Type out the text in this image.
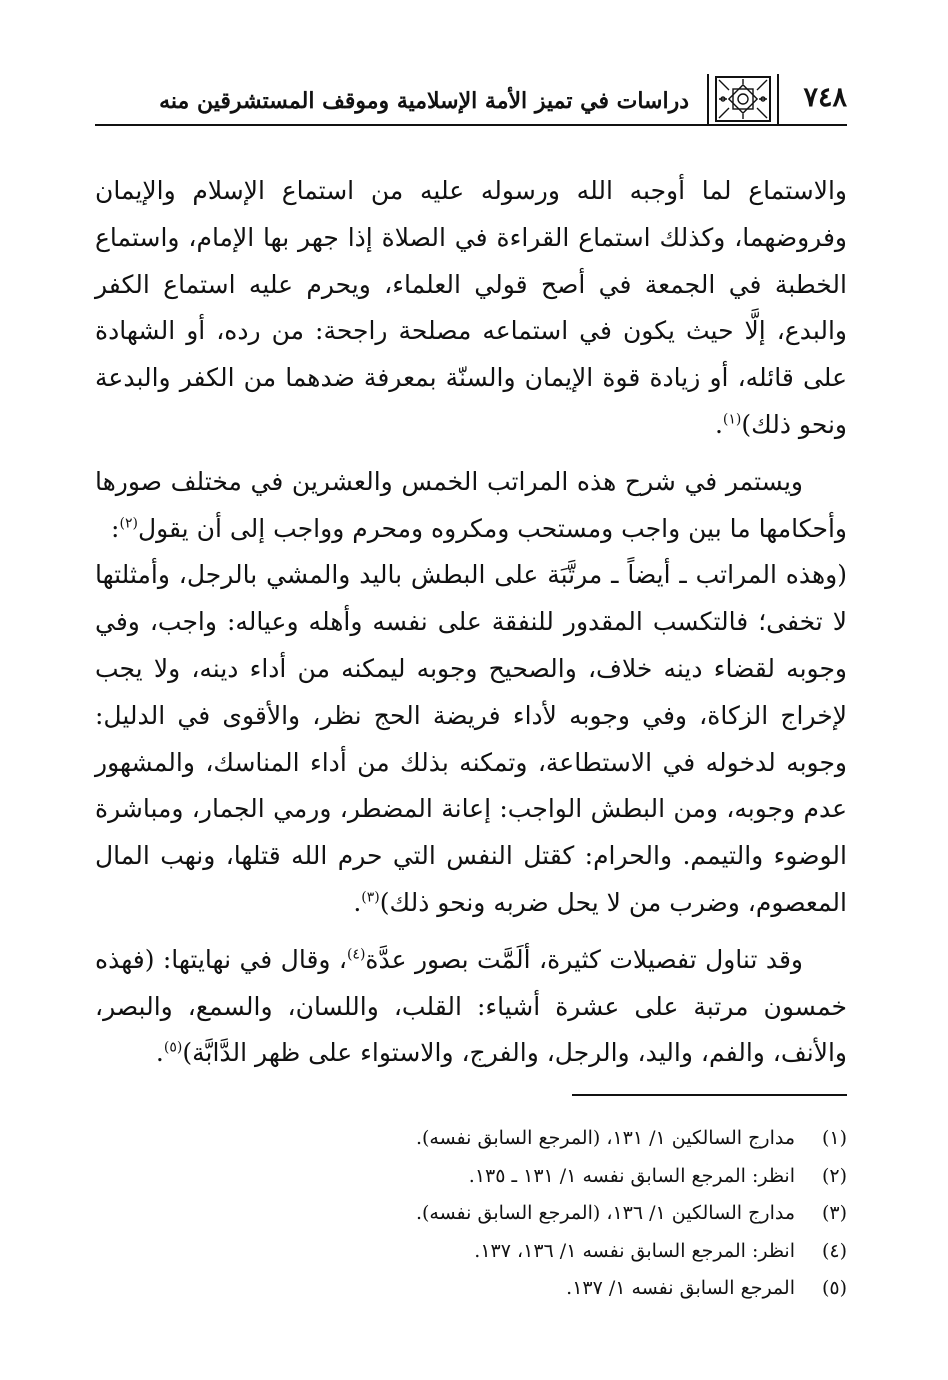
٧٤٨
دراسات في تميز الأمة الإسلامية وموقف المستشرقين منه

والاستماع لما أوجبه الله ورسوله عليه من استماع الإسلام والإيمان وفروضهما، وكذلك استماع القراءة في الصلاة إذا جهر بها الإمام، واستماع الخطبة في الجمعة في أصح قولي العلماء، ويحرم عليه استماع الكفر والبدع، إلَّا حيث يكون في استماعه مصلحة راجحة: من رده، أو الشهادة على قائله، أو زيادة قوة الإيمان والسنّة بمعرفة ضدهما من الكفر والبدعة ونحو ذلك)$^{(١)}$.

ويستمر في شرح هذه المراتب الخمس والعشرين في مختلف صورها وأحكامها ما بين واجب ومستحب ومكروه ومحرم وواجب إلى أن يقول$^{(٢)}$:

(وهذه المراتب ـ أيضاً ـ مرتَّبَة على البطش باليد والمشي بالرجل، وأمثلتها لا تخفى؛ فالتكسب المقدور للنفقة على نفسه وأهله وعياله: واجب، وفي وجوبه لقضاء دينه خلاف، والصحيح وجوبه ليمكنه من أداء دينه، ولا يجب لإخراج الزكاة، وفي وجوبه لأداء فريضة الحج نظر، والأقوى في الدليل: وجوبه لدخوله في الاستطاعة، وتمكنه بذلك من أداء المناسك، والمشهور عدم وجوبه، ومن البطش الواجب: إعانة المضطر، ورمي الجمار، ومباشرة الوضوء والتيمم. والحرام: كقتل النفس التي حرم الله قتلها، ونهب المال المعصوم، وضرب من لا يحل ضربه ونحو ذلك)$^{(٣)}$.

وقد تناول تفصيلات كثيرة، ألَمَّت بصور عدَّة$^{(٤)}$، وقال في نهايتها: (فهذه خمسون مرتبة على عشرة أشياء: القلب، واللسان، والسمع، والبصر، والأنف، والفم، واليد، والرجل، والفرج، والاستواء على ظهر الدَّابَّة)$^{(٥)}$.

(١)
مدارج السالكين ١/ ١٣١، (المرجع السابق نفسه).
(٢)
انظر: المرجع السابق نفسه ١/ ١٣١ ـ ١٣٥.
(٣)
مدارج السالكين ١/ ١٣٦، (المرجع السابق نفسه).
(٤)
انظر: المرجع السابق نفسه ١/ ١٣٦، ١٣٧.
(٥)
المرجع السابق نفسه ١/ ١٣٧.
